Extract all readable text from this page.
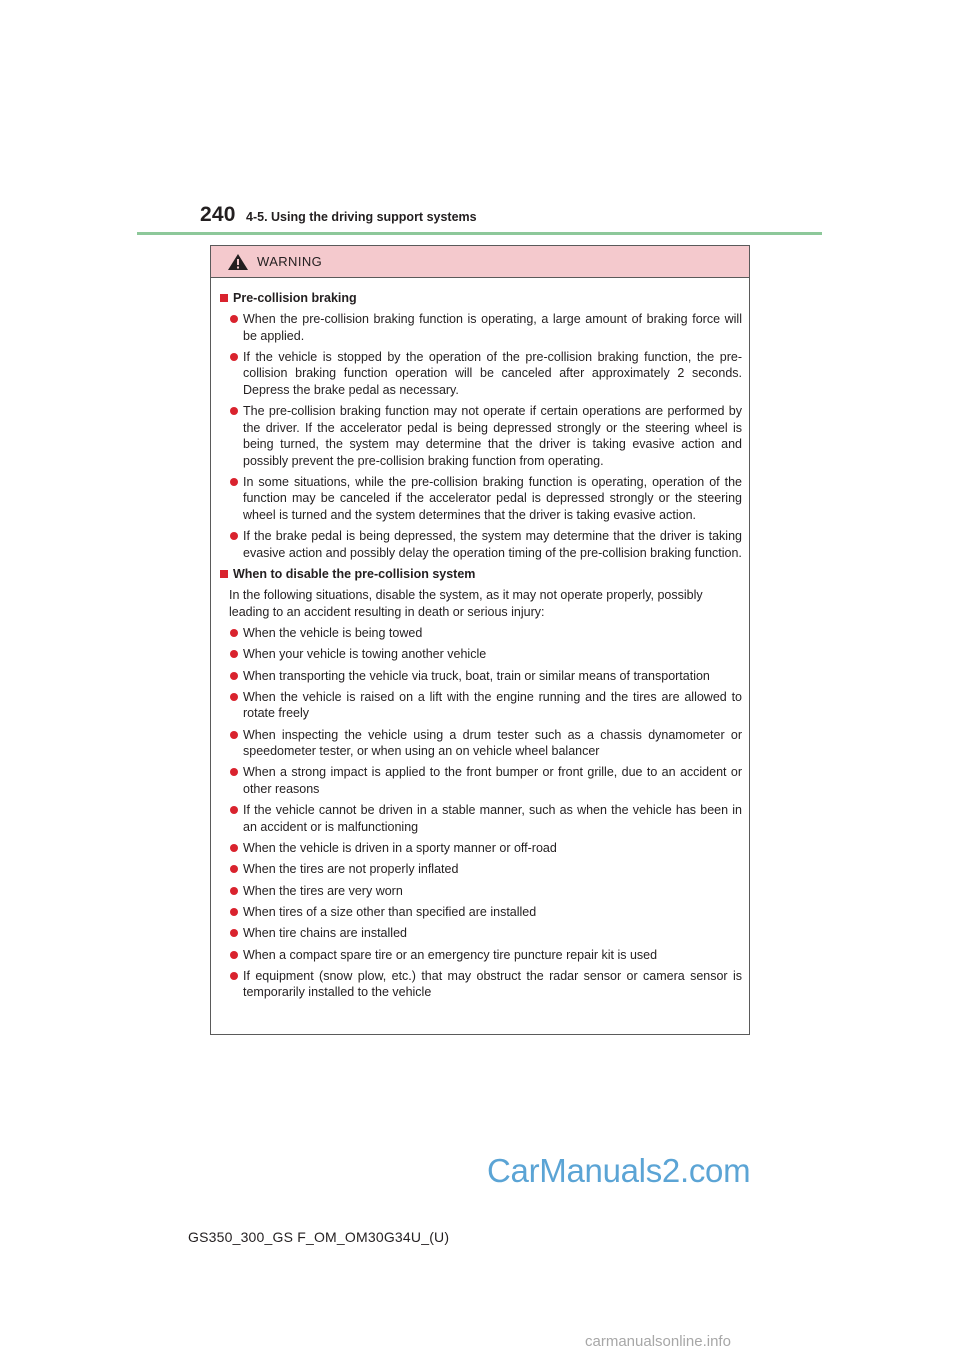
240 4-5. Using the driving support systems
WARNING
Pre-collision braking
When the pre-collision braking function is operating, a large amount of braking force will be applied.
If the vehicle is stopped by the operation of the pre-collision braking function, the pre-collision braking function operation will be canceled after approximately 2 seconds. Depress the brake pedal as necessary.
The pre-collision braking function may not operate if certain operations are performed by the driver. If the accelerator pedal is being depressed strongly or the steering wheel is being turned, the system may determine that the driver is taking evasive action and possibly prevent the pre-collision braking function from operating.
In some situations, while the pre-collision braking function is operating, operation of the function may be canceled if the accelerator pedal is depressed strongly or the steering wheel is turned and the system determines that the driver is taking evasive action.
If the brake pedal is being depressed, the system may determine that the driver is taking evasive action and possibly delay the operation timing of the pre-collision braking function.
When to disable the pre-collision system
In the following situations, disable the system, as it may not operate properly, possibly leading to an accident resulting in death or serious injury:
When the vehicle is being towed
When your vehicle is towing another vehicle
When transporting the vehicle via truck, boat, train or similar means of transportation
When the vehicle is raised on a lift with the engine running and the tires are allowed to rotate freely
When inspecting the vehicle using a drum tester such as a chassis dynamometer or speedometer tester, or when using an on vehicle wheel balancer
When a strong impact is applied to the front bumper or front grille, due to an accident or other reasons
If the vehicle cannot be driven in a stable manner, such as when the vehicle has been in an accident or is malfunctioning
When the vehicle is driven in a sporty manner or off-road
When the tires are not properly inflated
When the tires are very worn
When tires of a size other than specified are installed
When tire chains are installed
When a compact spare tire or an emergency tire puncture repair kit is used
If equipment (snow plow, etc.) that may obstruct the radar sensor or camera sensor is temporarily installed to the vehicle
GS350_300_GS F_OM_OM30G34U_(U)
CarManuals2.com
carmanualsonline.info
